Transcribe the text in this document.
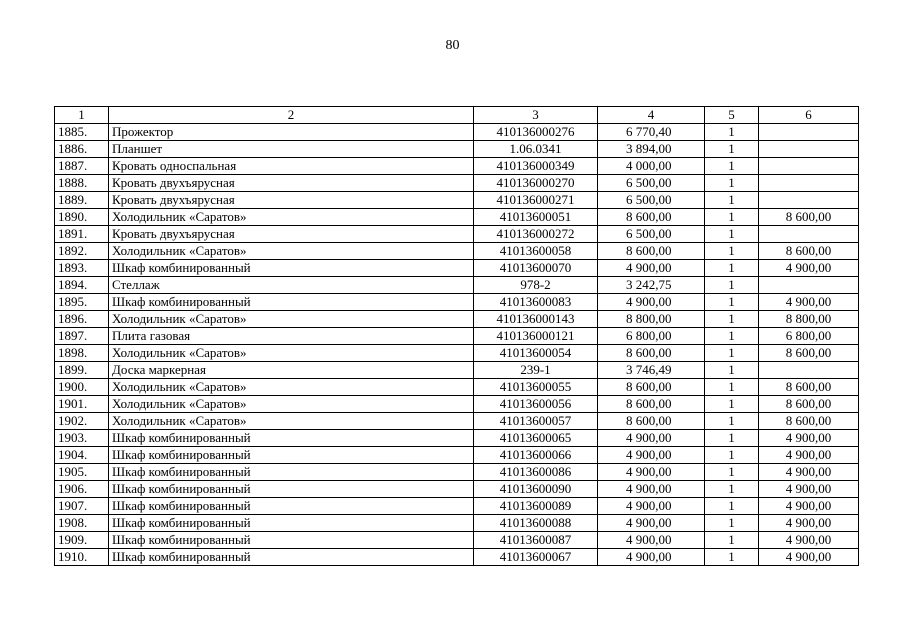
80
1	2	3	4	5	6
1885.	Прожектор	410136000276	6 770,40	1	
1886.	Планшет	1.06.0341	3 894,00	1	
1887.	Кровать односпальная	410136000349	4 000,00	1	
1888.	Кровать двухъярусная	410136000270	6 500,00	1	
1889.	Кровать двухъярусная	410136000271	6 500,00	1	
1890.	Холодильник «Саратов»	41013600051	8 600,00	1	8 600,00
1891.	Кровать двухъярусная	410136000272	6 500,00	1	
1892.	Холодильник «Саратов»	41013600058	8 600,00	1	8 600,00
1893.	Шкаф комбинированный	41013600070	4 900,00	1	4 900,00
1894.	Стеллаж	978-2	3 242,75	1	
1895.	Шкаф комбинированный	41013600083	4 900,00	1	4 900,00
1896.	Холодильник «Саратов»	410136000143	8 800,00	1	8 800,00
1897.	Плита газовая	410136000121	6 800,00	1	6 800,00
1898.	Холодильник «Саратов»	41013600054	8 600,00	1	8 600,00
1899.	Доска маркерная	239-1	3 746,49	1	
1900.	Холодильник «Саратов»	41013600055	8 600,00	1	8 600,00
1901.	Холодильник «Саратов»	41013600056	8 600,00	1	8 600,00
1902.	Холодильник «Саратов»	41013600057	8 600,00	1	8 600,00
1903.	Шкаф комбинированный	41013600065	4 900,00	1	4 900,00
1904.	Шкаф комбинированный	41013600066	4 900,00	1	4 900,00
1905.	Шкаф комбинированный	41013600086	4 900,00	1	4 900,00
1906.	Шкаф комбинированный	41013600090	4 900,00	1	4 900,00
1907.	Шкаф комбинированный	41013600089	4 900,00	1	4 900,00
1908.	Шкаф комбинированный	41013600088	4 900,00	1	4 900,00
1909.	Шкаф комбинированный	41013600087	4 900,00	1	4 900,00
1910.	Шкаф комбинированный	41013600067	4 900,00	1	4 900,00
